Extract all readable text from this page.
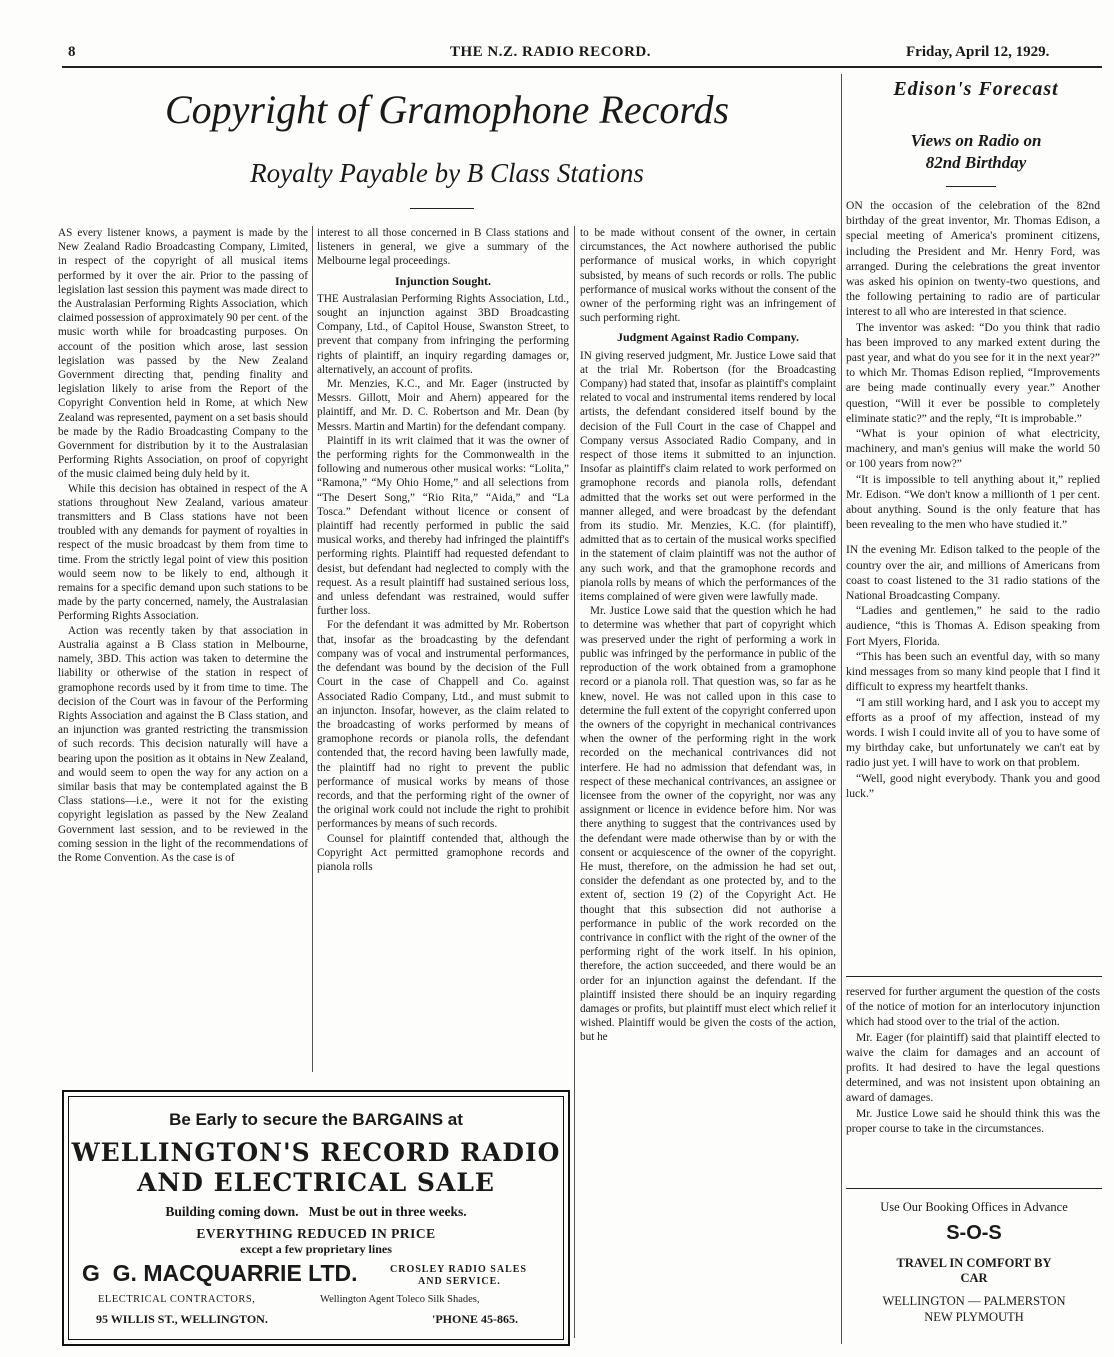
8	THE N.Z. RADIO RECORD.	Friday, April 12, 1929.
Copyright of Gramophone Records
Royalty Payable by B Class Stations

AS every listener knows, a payment is made by the New Zealand Radio Broadcasting Company, Limited, in respect of the copyright of all musical items performed by it over the air. Prior to the passing of legislation last session this payment was made direct to the Australasian Performing Rights Association, which claimed possession of approximately 90 per cent. of the music worth while for broadcasting purposes. On account of the position which arose, last session legislation was passed by the New Zealand Government directing that, pending finality and legislation likely to arise from the Report of the Copyright Convention held in Rome, at which New Zealand was represented, payment on a set basis should be made by the Radio Broadcasting Company to the Government for distribution by it to the Australasian Performing Rights Association, on proof of copyright of the music claimed being duly held by it.

While this decision has obtained in respect of the A stations throughout New Zealand, various amateur transmitters and B Class stations have not been troubled with any demands for payment of royalties in respect of the music broadcast by them from time to time. From the strictly legal point of view this position would seem now to be likely to end, although it remains for a specific demand upon such stations to be made by the party concerned, namely, the Australasian Performing Rights Association.

Action was recently taken by that association in Australia against a B Class station in Melbourne, namely, 3BD. This action was taken to determine the liability or otherwise of the station in respect of gramophone records used by it from time to time. The decision of the Court was in favour of the Performing Rights Association and against the B Class station, and an injunction was granted restricting the transmission of such records. This decision naturally will have a bearing upon the position as it obtains in New Zealand, and would seem to open the way for any action on a similar basis that may be contemplated against the B Class stations—i.e., were it not for the existing copyright legislation as passed by the New Zealand Government last session, and to be reviewed in the coming session in the light of the recommendations of the Rome Convention. As the case is of

interest to all those concerned in B Class stations and listeners in general, we give a summary of the Melbourne legal proceedings.

Injunction Sought.

THE Australasian Performing Rights Association, Ltd., sought an injunction against 3BD Broadcasting Company, Ltd., of Capitol House, Swanston Street, to prevent that company from infringing the performing rights of plaintiff, an inquiry regarding damages or, alternatively, an account of profits.

Mr. Menzies, K.C., and Mr. Eager (instructed by Messrs. Gillott, Moir and Ahern) appeared for the plaintiff, and Mr. D. C. Robertson and Mr. Dean (by Messrs. Martin and Martin) for the defendant company.

Plaintiff in its writ claimed that it was the owner of the performing rights for the Commonwealth in the following and numerous other musical works: “Lolita,” “Ramona,” “My Ohio Home,” and all selections from “The Desert Song,” “Rio Rita,” “Aida,” and “La Tosca.” Defendant without licence or consent of plaintiff had recently performed in public the said musical works, and thereby had infringed the plaintiff's performing rights. Plaintiff had requested defendant to desist, but defendant had neglected to comply with the request. As a result plaintiff had sustained serious loss, and unless defendant was restrained, would suffer further loss.

For the defendant it was admitted by Mr. Robertson that, insofar as the broadcasting by the defendant company was of vocal and instrumental performances, the defendant was bound by the decision of the Full Court in the case of Chappell and Co. against Associated Radio Company, Ltd., and must submit to an injuncton. Insofar, however, as the claim related to the broadcasting of works performed by means of gramophone records or pianola rolls, the defendant contended that, the record having been lawfully made, the plaintiff had no right to prevent the public performance of musical works by means of those records, and that the performing right of the owner of the original work could not include the right to prohibit performances by means of such records.

Counsel for plaintiff contended that, although the Copyright Act permitted gramophone records and pianola rolls

to be made without consent of the owner, in certain circumstances, the Act nowhere authorised the public performance of musical works, in which copyright subsisted, by means of such records or rolls. The public performance of musical works without the consent of the owner of the performing right was an infringement of such performing right.

Judgment Against Radio Company.

IN giving reserved judgment, Mr. Justice Lowe said that at the trial Mr. Robertson (for the Broadcasting Company) had stated that, insofar as plaintiff's complaint related to vocal and instrumental items rendered by local artists, the defendant considered itself bound by the decision of the Full Court in the case of Chappel and Company versus Associated Radio Company, and in respect of those items it submitted to an injunction. Insofar as plaintiff's claim related to work performed on gramophone records and pianola rolls, defendant admitted that the works set out were performed in the manner alleged, and were broadcast by the defendant from its studio. Mr. Menzies, K.C. (for plaintiff), admitted that as to certain of the musical works specified in the statement of claim plaintiff was not the author of any such work, and that the gramophone records and pianola rolls by means of which the performances of the items complained of were given were lawfully made.

Mr. Justice Lowe said that the question which he had to determine was whether that part of copyright which was preserved under the right of performing a work in public was infringed by the performance in public of the reproduction of the work obtained from a gramophone record or a pianola roll. That question was, so far as he knew, novel. He was not called upon in this case to determine the full extent of the copyright conferred upon the owners of the copyright in mechanical contrivances when the owner of the performing right in the work recorded on the mechanical contrivances did not interfere. He had no admission that defendant was, in respect of these mechanical contrivances, an assignee or licensee from the owner of the copyright, nor was any assignment or licence in evidence before him. Nor was there anything to suggest that the contrivances used by the defendant were made otherwise than by or with the consent or acquiescence of the owner of the copyright. He must, therefore, on the admission he had set out, consider the defendant as one protected by, and to the extent of, section 19 (2) of the Copyright Act. He thought that this subsection did not authorise a performance in public of the work recorded on the contrivance in conflict with the right of the owner of the performing right of the work itself. In his opinion, therefore, the action succeeded, and there would be an order for an injunction against the defendant. If the plaintiff insisted there should be an inquiry regarding damages or profits, but plaintiff must elect which relief it wished. Plaintiff would be given the costs of the action, but he

Edison's Forecast
Views on Radio on
82nd Birthday

ON the occasion of the celebration of the 82nd birthday of the great inventor, Mr. Thomas Edison, a special meeting of America's prominent citizens, including the President and Mr. Henry Ford, was arranged. During the celebrations the great inventor was asked his opinion on twenty-two questions, and the following pertaining to radio are of particular interest to all who are interested in that science.

The inventor was asked: “Do you think that radio has been improved to any marked extent during the past year, and what do you see for it in the next year?” to which Mr. Thomas Edison replied, “Improvements are being made continually every year.” Another question, “Will it ever be possible to completely eliminate static?” and the reply, “It is improbable.”

“What is your opinion of what electricity, machinery, and man's genius will make the world 50 or 100 years from now?”

“It is impossible to tell anything about it,” replied Mr. Edison. “We don't know a millionth of 1 per cent. about anything. Sound is the only feature that has been revealing to the men who have studied it.”

IN the evening Mr. Edison talked to the people of the country over the air, and millions of Americans from coast to coast listened to the 31 radio stations of the National Broadcasting Company.

“Ladies and gentlemen,” he said to the radio audience, “this is Thomas A. Edison speaking from Fort Myers, Florida.

“This has been such an eventful day, with so many kind messages from so many kind people that I find it difficult to express my heartfelt thanks.

“I am still working hard, and I ask you to accept my efforts as a proof of my affection, instead of my words. I wish I could invite all of you to have some of my birthday cake, but unfortunately we can't eat by radio just yet. I will have to work on that problem.

“Well, good night everybody. Thank you and good luck.”

reserved for further argument the question of the costs of the notice of motion for an interlocutory injunction which had stood over to the trial of the action.

Mr. Eager (for plaintiff) said that plaintiff elected to waive the claim for damages and an account of profits. It had desired to have the legal questions determined, and was not insistent upon obtaining an award of damages.

Mr. Justice Lowe said he should think this was the proper course to take in the circumstances.

Use Our Booking Offices in Advance
S-O-S
TRAVEL IN COMFORT BY
CAR
WELLINGTON — PALMERSTON
NEW PLYMOUTH
Be Early to secure the BARGAINS at
WELLINGTON'S RECORD RADIO
AND ELECTRICAL SALE
Building coming down.   Must be out in three weeks.
EVERYTHING REDUCED IN PRICE
except a few proprietary lines
G  G. MACQUARRIE LTD.	CROSLEY RADIO SALES
AND SERVICE.
ELECTRICAL CONTRACTORS,	Wellington Agent Toleco Silk Shades,
95 WILLIS ST., WELLINGTON.	'PHONE 45-865.
